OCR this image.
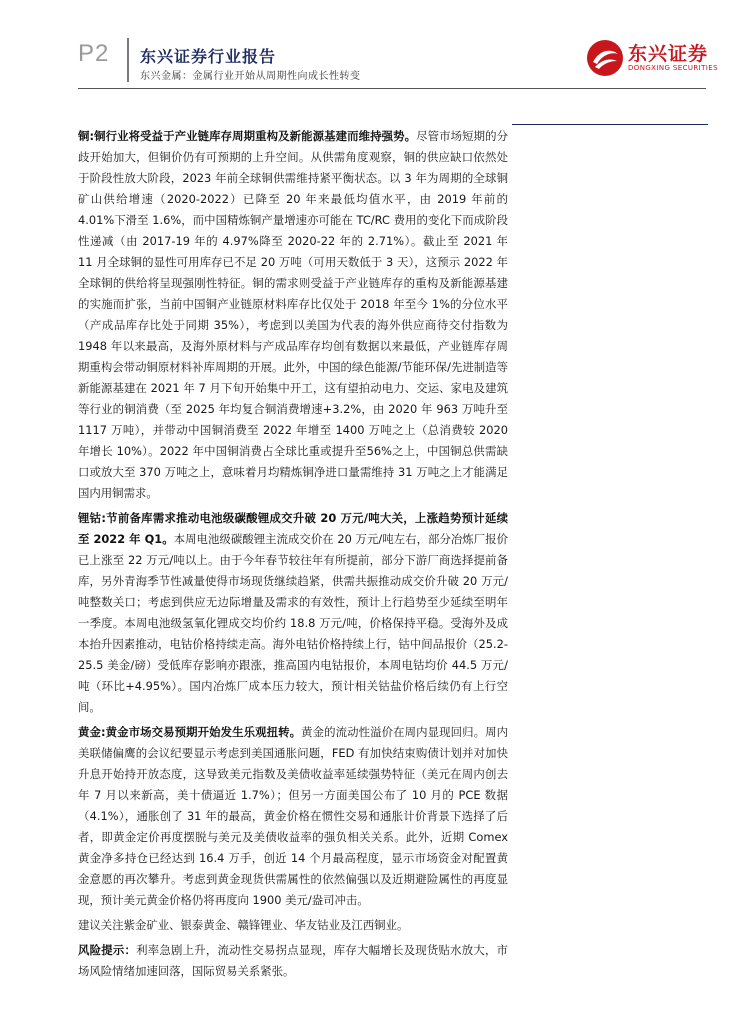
P2 东兴证券行业报告
东兴金属：金属行业开始从周期性向成长性转变
东兴证券
DONGXING SECURITIES

铜:铜行业将受益于产业链库存周期重构及新能源基建而维持强势。尽管市场短期的分歧开始加大，但铜价仍有可预期的上升空间。从供需角度观察，铜的供应缺口依然处于阶段性放大阶段，2023 年前全球铜供需维持紧平衡状态。以 3 年为周期的全球铜矿山供给增速（2020-2022）已降至 20 年来最低均值水平，由 2019 年前的 4.01%下滑至 1.6%，而中国精炼铜产量增速亦可能在 TC/RC 费用的变化下而成阶段性递减（由 2017-19 年的 4.97%降至 2020-22 年的 2.71%）。截止至 2021 年 11 月全球铜的显性可用库存已不足 20 万吨（可用天数低于 3 天），这预示 2022 年全球铜的供给将呈现强刚性特征。铜的需求则受益于产业链库存的重构及新能源基建的实施而扩张，当前中国铜产业链原材料库存比仅处于 2018 年至今 1%的分位水平（产成品库存比处于同期 35%），考虑到以美国为代表的海外供应商待交付指数为 1948 年以来最高，及海外原材料与产成品库存均创有数据以来最低，产业链库存周期重构会带动铜原材料补库周期的开展。此外，中国的绿色能源/节能环保/先进制造等新能源基建在 2021 年 7 月下旬开始集中开工，这有望拍动电力、交运、家电及建筑等行业的铜消费（至 2025 年均复合铜消费增速+3.2%，由 2020 年 963 万吨升至 1117 万吨），并带动中国铜消费至 2022 年增至 1400 万吨之上（总消费较 2020 年增长 10%）。2022 年中国铜消费占全球比重或提升至56%之上，中国铜总供需缺口或放大至 370 万吨之上，意味着月均精炼铜净进口量需维持 31 万吨之上才能满足国内用铜需求。

锂钴:节前备库需求推动电池级碳酸锂成交升破 20 万元/吨大关，上涨趋势预计延续至 2022 年 Q1。本周电池级碳酸锂主流成交价在 20 万元/吨左右，部分冶炼厂报价已上涨至 22 万元/吨以上。由于今年春节较往年有所提前，部分下游厂商选择提前备库，另外青海季节性减量使得市场现货继续趋紧，供需共振推动成交价升破 20 万元/吨整数关口；考虑到供应无边际增量及需求的有效性，预计上行趋势至少延续至明年一季度。本周电池级氢氧化锂成交均价约 18.8 万元/吨，价格保持平稳。受海外及成本抬升因素推动，电钴价格持续走高。海外电钴价格持续上行，钴中间品报价（25.2-25.5 美金/磅）受低库存影响亦跟涨，推高国内电钴报价，本周电钴均价 44.5 万元/吨（环比+4.95%）。国内冶炼厂成本压力较大，预计相关钴盐价格后续仍有上行空间。

黄金:黄金市场交易预期开始发生乐观扭转。黄金的流动性溢价在周内显现回归。周内美联储偏鹰的会议纪要显示考虑到美国通胀问题，FED 有加快结束购债计划并对加快升息开始持开放态度，这导致美元指数及美债收益率延续强势特征（美元在周内创去年 7 月以来新高，美十债逼近 1.7%）；但另一方面美国公布了 10 月的 PCE 数据（4.1%），通胀创了 31 年的最高，黄金价格在惯性交易和通胀计价背景下选择了后者，即黄金定价再度摆脱与美元及美债收益率的强负相关关系。此外，近期 Comex 黄金净多持仓已经达到 16.4 万手，创近 14 个月最高程度，显示市场资金对配置黄金意愿的再次攀升。考虑到黄金现货供需属性的依然偏强以及近期避险属性的再度显现，预计美元黄金价格仍将再度向 1900 美元/盎司冲击。

建议关注紫金矿业、银泰黄金、赣锋锂业、华友钴业及江西铜业。

风险提示：利率急剧上升，流动性交易拐点显现，库存大幅增长及现货贴水放大，市场风险情绪加速回落，国际贸易关系紧张。
